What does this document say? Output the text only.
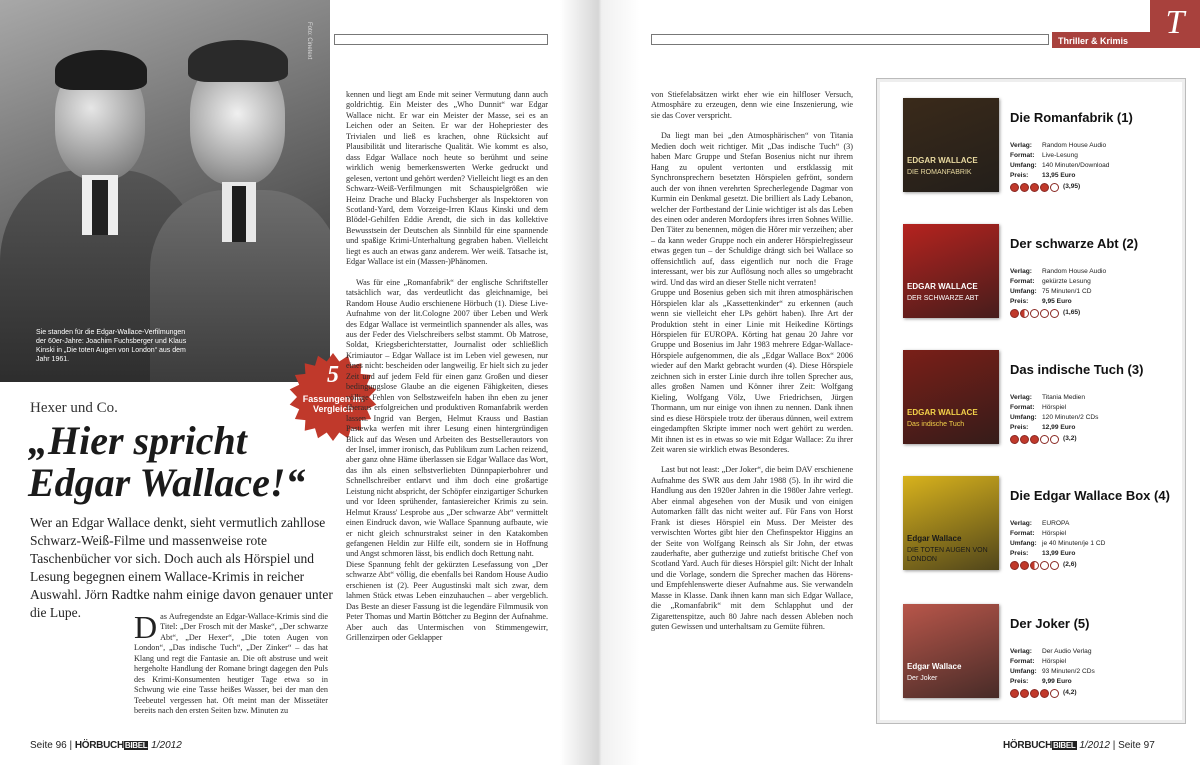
Foto: Cinetext
Sie standen für die Edgar-Wallace-Verfilmungen der 60er-Jahre: Joachim Fuchsberger und Klaus Kinski in „Die toten Augen von London“ aus dem Jahr 1961.
5
Fassungen im Vergleich
Hexer und Co.
„Hier spricht Edgar Wallace!“
Wer an Edgar Wallace denkt, sieht vermutlich zahllose Schwarz-Weiß-Filme und massenweise rote Taschenbücher vor sich. Doch auch als Hörspiel und Lesung begegnen einem Wallace-Krimis in reicher Auswahl. Jörn Radtke nahm einige davon genauer unter die Lupe.	Das Aufregendste an Edgar-Wallace-Krimis sind die Titel: „Der Frosch mit der Maske“, „Der schwarze Abt“, „Der Hexer“, „Die toten Augen von London“, „Das indische Tuch“, „Der Zinker“ – das hat Klang und regt die Fantasie an. Die oft abstruse und weit hergeholte Handlung der Romane bringt dagegen den Puls des Krimi-Konsumenten heutiger Tage etwa so in Schwung wie eine Tasse heißes Wasser, bei der man den Teebeutel vergessen hat. Oft meint man der Missetäter bereits nach den ersten Seiten bzw. Minuten zu

kennen und liegt am Ende mit seiner Vermutung dann auch goldrichtig. Ein Meister des „Who Dunnit“ war Edgar Wallace nicht. Er war ein Meister der Masse, sei es an Leichen oder an Seiten. Er war der Hohepriester des Trivialen und ließ es krachen, ohne Rücksicht auf Plausibilität und literarische Qualität. Wie kommt es also, dass Edgar Wallace noch heute so berühmt und seine wirklich wenig bemerkenswerten Werke gedruckt und gelesen, vertont und gehört werden? Vielleicht liegt es an den Schwarz-Weiß-Verfilmungen mit Schauspielgrößen wie Heinz Drache und Blacky Fuchsberger als Inspektoren von Scotland-Yard, dem Vorzeige-Irren Klaus Kinski und dem Blödel-Gehilfen Eddie Arendt, die sich in das kollektive Bewusstsein der Deutschen als Sinnbild für eine spannende und spaßige Krimi-Unterhaltung gegraben haben. Vielleicht liegt es auch an etwas ganz anderem. Wer weiß. Tatsache ist, Edgar Wallace ist ein (Massen-)Phänomen.

Was für eine „Romanfabrik“ der englische Schriftsteller tatsächlich war, das verdeutlicht das gleichnamige, bei Random House Audio erschienene Hörbuch (1). Diese Live-Aufnahme von der lit.Cologne 2007 über Leben und Werk des Edgar Wallace ist vermeintlich spannender als alles, was aus der Feder des Vielschreibers selbst stammt. Ob Matrose, Soldat, Kriegsberichterstatter, Journalist oder schließlich Krimiautor – Edgar Wallace ist im Leben viel gewesen, nur eines nicht: bescheiden oder langweilig. Er hielt sich zu jeder Zeit und auf jedem Feld für einen ganz Großen und dieser bedingungslose Glaube an die eigenen Fähigkeiten, dieses völlige Fehlen von Selbstzweifeln haben ihn eben zu jener überaus erfolgreichen und produktiven Romanfabrik werden lassen. Ingrid van Bergen, Helmut Krauss und Bastian Pastewka werfen mit ihrer Lesung einen hintergründigen Blick auf das Wesen und Arbeiten des Bestsellerautors von der Insel, immer ironisch, das Publikum zum Lachen reizend, aber ganz ohne Häme überlassen sie Edgar Wallace das Wort, das ihn als einen selbstverliebten Dünnpapierbohrer und Schnellschreiber entlarvt und ihm doch eine großartige Leistung nicht abspricht, der Schöpfer einzigartiger Schurken und vor Ideen sprühender, fantasiereicher Krimis zu sein. Helmut Krauss' Lesprobe aus „Der schwarze Abt“ vermittelt einen Eindruck davon, wie Wallace Spannung aufbaute, wie er nicht gleich schnurstrakst seiner in den Katakomben gefangenen Heldin zur Hilfe eilt, sondern sie in Hoffnung und Angst schmoren lässt, bis endlich doch Rettung naht.

Diese Spannung fehlt der gekürzten Lesefassung von „Der schwarze Abt“ völlig, die ebenfalls bei Random House Audio erschienen ist (2). Peer Augustinski malt sich zwar, dem lahmen Stück etwas Leben einzuhauchen – aber vergeblich. Das Beste an dieser Fassung ist die legendäre Filmmusik von Peter Thomas und Martin Böttcher zu Beginn der Aufnahme. Aber auch das Untermischen von Stimmengewirr, Grillenzirpen oder Geklapper

Seite 96 | HÖRBUCHBIBEL 1/2012
Thriller & Krimis	T

von Stiefelabsätzen wirkt eher wie ein hilfloser Versuch, Atmosphäre zu erzeugen, denn wie eine Inszenierung, wie sie das Cover verspricht.

Da liegt man bei „den Atmosphärischen“ von Titania Medien doch weit richtiger. Mit „Das indische Tuch“ (3) haben Marc Gruppe und Stefan Bosenius nicht nur ihrem Hang zu opulent vertonten und erstklassig mit Synchronsprechern besetzten Hörspielen gefrönt, sondern auch der von ihnen verehrten Sprecherlegende Dagmar von Kurmin ein Denkmal gesetzt. Die brilliert als Lady Lebanon, welcher der Fortbestand der Linie wichtiger ist als das Leben des einen oder anderen Mordopfers ihres irren Sohnes Willie. Den Täter zu benennen, mögen die Hörer mir verzeihen; aber – da kann weder Gruppe noch ein anderer Hörspielregisseur etwas gegen tun – der Schuldige drängt sich bei Wallace so offensichtlich auf, dass eigentlich nur noch die Frage interessant, wer bis zur Auflösung noch alles so umgebracht wird. Und das wird an dieser Stelle nicht verraten!

Gruppe und Bosenius geben sich mit ihren atmosphärischen Hörspielen klar als „Kassettenkinder“ zu erkennen (auch wenn sie vielleicht eher LPs gehört haben). Ihre Art der Produktion steht in einer Linie mit Heikedine Körtings Hörspielen für EUROPA. Körting hat genau 20 Jahre vor Gruppe und Bosenius im Jahr 1983 mehrere Edgar-Wallace-Hörspiele aufgenommen, die als „Edgar Wallace Box“ 2006 wieder auf den Markt gebracht wurden (4). Diese Hörspiele zeichnen sich in erster Linie durch ihre tollen Sprecher aus, alles großen Namen und Könner ihrer Zeit: Wolfgang Kieling, Wolfgang Völz, Uwe Friedrichsen, Jürgen Thormann, um nur einige von ihnen zu nennen. Dank ihnen sind es diese Hörspiele trotz der überaus dünnen, weil extrem eingedampften Skripte immer noch wert gehört zu werden. Mit ihnen ist es in etwas so wie mit Edgar Wallace: Zu ihrer Zeit waren sie wirklich etwas Besonderes.

Last but not least: „Der Joker“, die beim DAV erschienene Aufnahme des SWR aus dem Jahr 1988 (5). In ihr wird die Handlung aus den 1920er Jahren in die 1980er Jahre verlegt. Aber einmal abgesehen von der Musik und von einigen Automarken fällt das nicht weiter auf. Für Fans von Horst Frank ist dieses Hörspiel ein Muss. Der Meister des verwischten Wortes gibt hier den Chefinspektor Higgins an der Seite von Wolfgang Reinsch als Sir John, der etwas zauderhafte, aber gutherzige und zutiefst britische Chef von Scotland Yard. Auch für dieses Hörspiel gilt: Nicht der Inhalt und die Vorlage, sondern die Sprecher machen das Hörens- und Empfehlenswerte dieser Aufnahme aus. Sie verwandeln Masse in Klasse. Dank ihnen kann man sich Edgar Wallace, die „Romanfabrik“ mit dem Schlapphut und der Zigarettenspitze, auch 80 Jahre nach dessen Ableben noch guten Gewissen und unterhaltsam zu Gemüte führen.

EDGAR WALLACE
DIE ROMANFABRIK
Die Romanfabrik (1)
Verlag: Random House Audio
Format: Live-Lesung
Umfang: 140 Minuten/Download
Preis: 13,95 Euro
(3,95)
EDGAR WALLACE
DER SCHWARZE ABT
Der schwarze Abt (2)
Verlag: Random House Audio
Format: gekürzte Lesung
Umfang: 75 Minuten/1 CD
Preis: 9,95 Euro
(1,65)
EDGAR WALLACE
Das indische Tuch
Das indische Tuch (3)
Verlag: Titania Medien
Format: Hörspiel
Umfang: 120 Minuten/2 CDs
Preis: 12,99 Euro
(3,2)
Edgar Wallace
DIE TOTEN AUGEN VON LONDON
Die Edgar Wallace Box (4)
Verlag: EUROPA
Format: Hörspiel
Umfang: je 40 Minuten/je 1 CD
Preis: 13,99 Euro
(2,6)
Edgar Wallace
Der Joker
Der Joker (5)
Verlag: Der Audio Verlag
Format: Hörspiel
Umfang: 93 Minuten/2 CDs
Preis: 9,99 Euro
(4,2)
HÖRBUCHBIBEL 1/2012 | Seite 97
